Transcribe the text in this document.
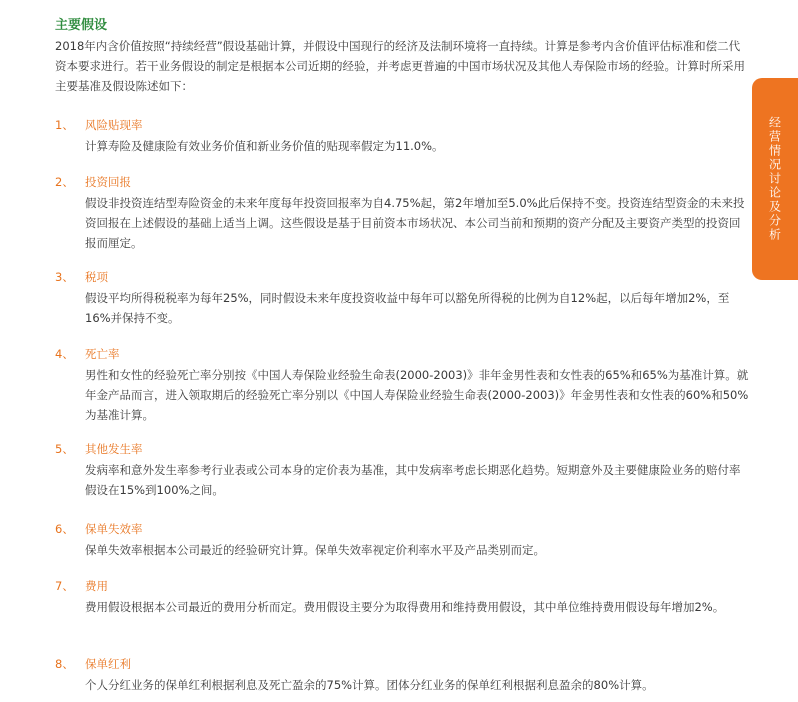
主要假设
2018年内含价值按照“持续经营”假设基础计算，并假设中国现行的经济及法制环境将一直持续。计算是参考内含价值评估标准和偿二代资本要求进行。若干业务假设的制定是根据本公司近期的经验，并考虑更普遍的中国市场状况及其他人寿保险市场的经验。计算时所采用主要基准及假设陈述如下：
1、 风险贴现率
计算寿险及健康险有效业务价值和新业务价值的贴现率假定为11.0%。
2、 投资回报
假设非投资连结型寿险资金的未来年度每年投资回报率为自4.75%起，第2年增加至5.0%此后保持不变。投资连结型资金的未来投资回报在上述假设的基础上适当上调。这些假设是基于目前资本市场状况、本公司当前和预期的资产分配及主要资产类型的投资回报而厘定。
3、 税项
假设平均所得税税率为每年25%，同时假设未来年度投资收益中每年可以豁免所得税的比例为自12%起，以后每年增加2%，至16%并保持不变。
4、 死亡率
男性和女性的经验死亡率分别按《中国人寿保险业经验生命表(2000-2003)》非年金男性表和女性表的65%和65%为基准计算。就年金产品而言，进入领取期后的经验死亡率分别以《中国人寿保险业经验生命表(2000-2003)》年金男性表和女性表的60%和50%为基准计算。
5、 其他发生率
发病率和意外发生率参考行业表或公司本身的定价表为基准，其中发病率考虑长期恶化趋势。短期意外及主要健康险业务的赔付率假设在15%到100%之间。
6、 保单失效率
保单失效率根据本公司最近的经验研究计算。保单失效率视定价利率水平及产品类别而定。
7、 费用
费用假设根据本公司最近的费用分析而定。费用假设主要分为取得费用和维持费用假设，其中单位维持费用假设每年增加2%。
8、 保单红利
个人分红业务的保单红利根据利息及死亡盈余的75%计算。团体分红业务的保单红利根据利息盈余的80%计算。
经营情况讨论及分析
